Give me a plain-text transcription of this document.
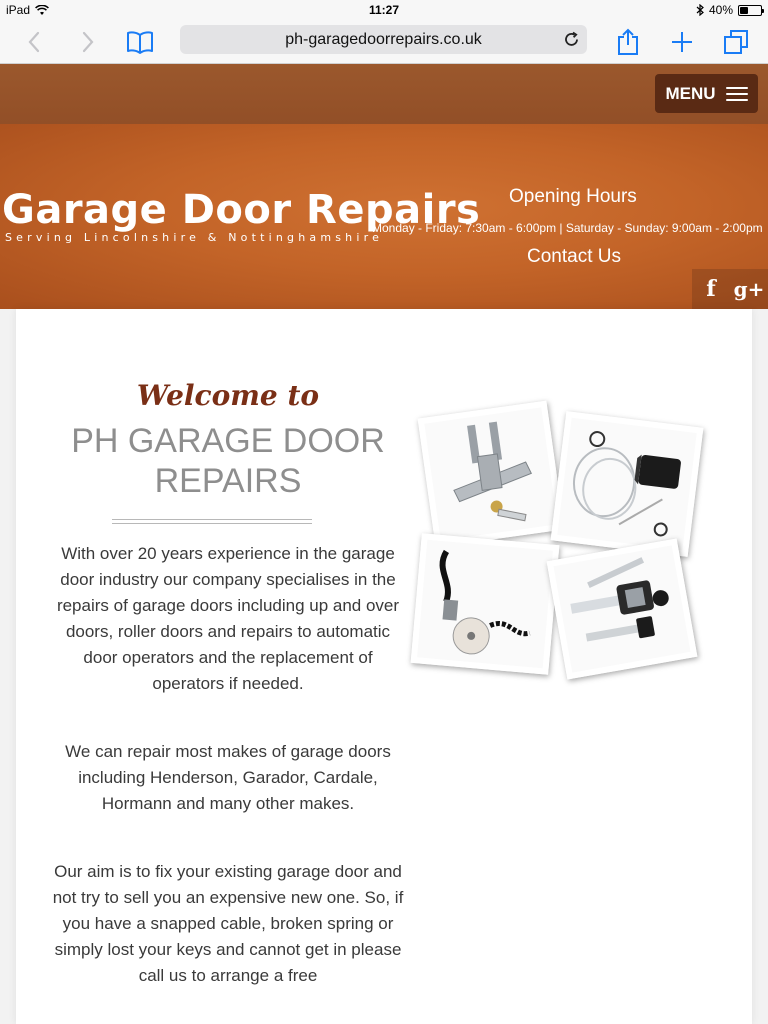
iPad	11:27	40%
ph-garagedoorrepairs.co.uk
MENU
Garage Door Repairs
Serving Lincolnshire & Nottinghamshire
Opening Hours
Monday - Friday: 7:30am - 6:00pm | Saturday - Sunday: 9:00am - 2:00pm
Contact Us
f g+
Welcome to
PH GARAGE DOOR REPAIRS

With over 20 years experience in the garage door industry our company specialises in the repairs of garage doors including up and over doors, roller doors and repairs to automatic door operators and the replacement of operators if needed.

We can repair most makes of garage doors including Henderson, Garador, Cardale, Hormann and many other makes.

Our aim is to fix your existing garage door and not try to sell you an expensive new one. So, if you have a snapped cable, broken spring or simply lost your keys and cannot get in please call us to arrange a free
